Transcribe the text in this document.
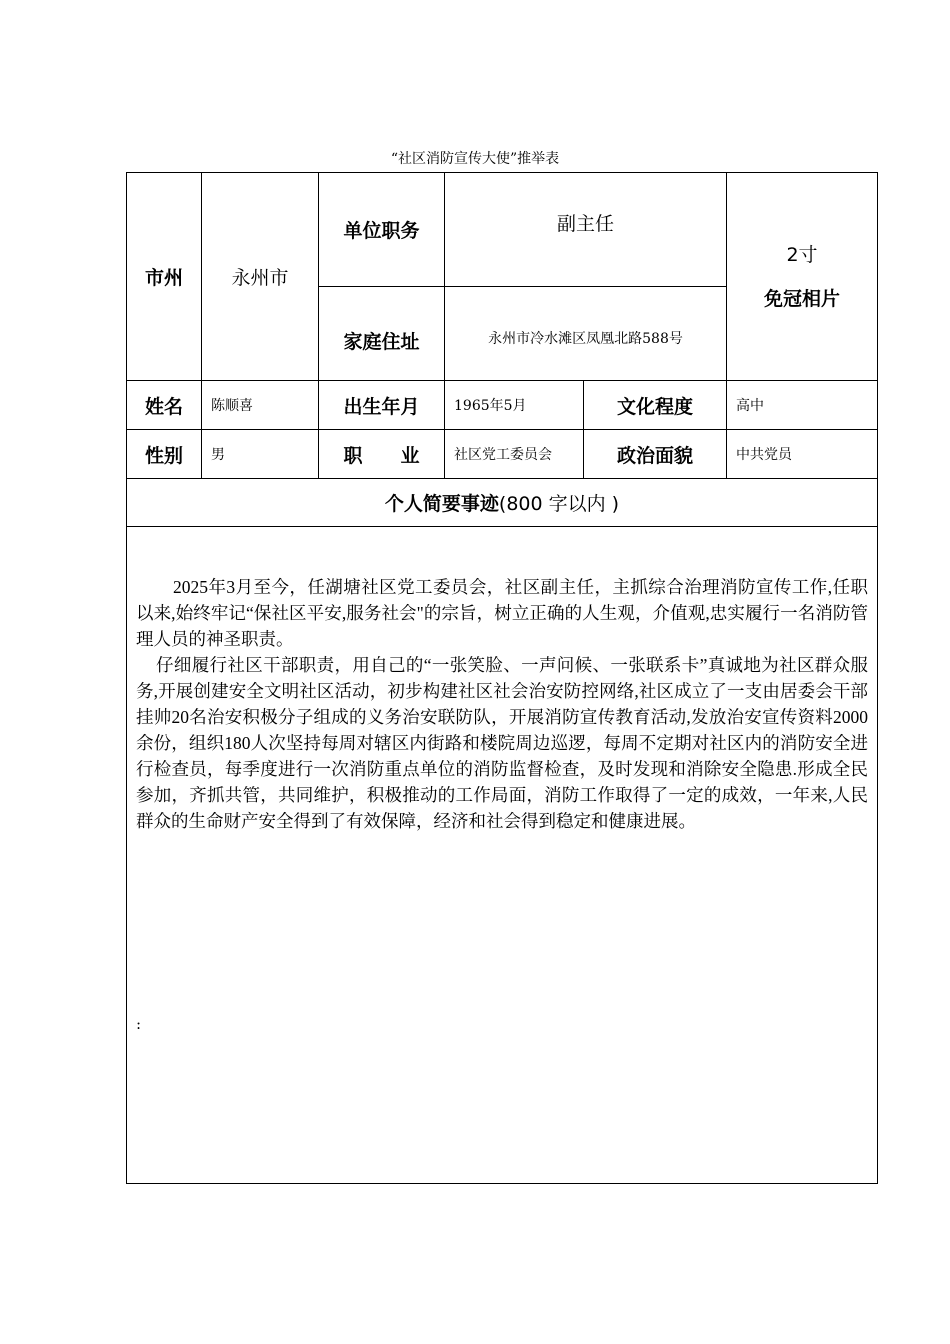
“社区消防宣传大使”推举表
市州	永州市	单位职务	副主任		2寸
免冠相片

		家庭住址	永州市冷水滩区凤凰北路588号		
姓名	陈顺喜	出生年月	1965年5月	文化程度	高中
性别	男	职　　业	社区党工委员会	政治面貌	中共党员
个人简要事迹(800 字以内 )					

2025年3月至今，任湖塘社区党工委员会，社区副主任，主抓综合治理消防宣传工作,任职以来,始终牢记“保社区平安,服务社会"的宗旨，树立正确的人生观，介值观,忠实履行一名消防管理人员的神圣职责。

仔细履行社区干部职责，用自己的“一张笑脸、一声问候、一张联系卡”真诚地为社区群众服务,开展创建安全文明社区活动，初步构建社区社会治安防控网络,社区成立了一支由居委会干部挂帅20名治安积极分子组成的义务治安联防队，开展消防宣传教育活动,发放治安宣传资料2000余份，组织180人次坚持每周对辖区内街路和楼院周边巡逻，每周不定期对社区内的消防安全进行检查员，每季度进行一次消防重点单位的消防监督检查，及时发现和消除安全隐患.形成全民参加，齐抓共管，共同维护，积极推动的工作局面，消防工作取得了一定的成效，一年来,人民群众的生命财产安全得到了有效保障，经济和社会得到稳定和健康进展。

:					
